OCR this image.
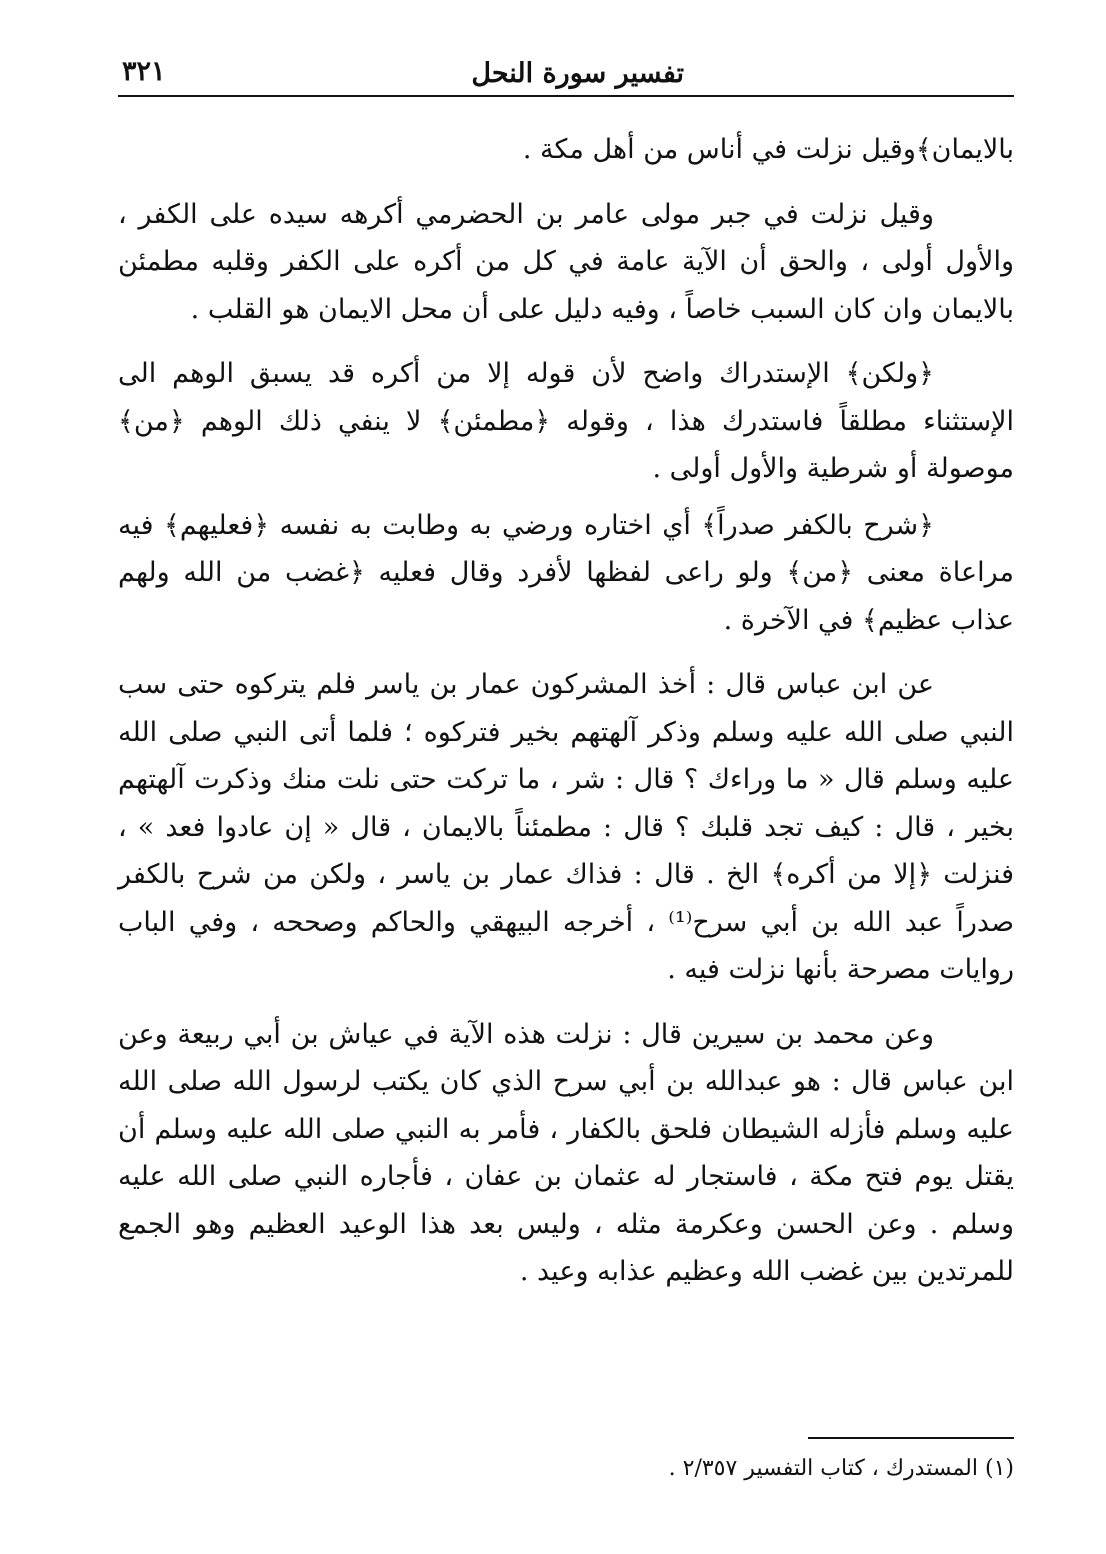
تفسير سورة النحل
٣٢١

بالايمان﴾وقيل نزلت في أناس من أهل مكة .

وقيل نزلت في جبر مولى عامر بن الحضرمي أكرهه سيده على الكفر ، والأول أولى ، والحق أن الآية عامة في كل من أكره على الكفر وقلبه مطمئن بالايمان وان كان السبب خاصاً ، وفيه دليل على أن محل الايمان هو القلب .

﴿ولكن﴾ الإستدراك واضح لأن قوله إلا من أكره قد يسبق الوهم الى الإستثناء مطلقاً فاستدرك هذا ، وقوله ﴿مطمئن﴾ لا ينفي ذلك الوهم ﴿من﴾ موصولة أو شرطية والأول أولى .

﴿شرح بالكفر صدراً﴾ أي اختاره ورضي به وطابت به نفسه ﴿فعليهم﴾ فيه مراعاة معنى ﴿من﴾ ولو راعى لفظها لأفرد وقال فعليه ﴿غضب من الله ولهم عذاب عظيم﴾ في الآخرة .

عن ابن عباس قال : أخذ المشركون عمار بن ياسر فلم يتركوه حتى سب النبي صلى الله عليه وسلم وذكر آلهتهم بخير فتركوه ؛ فلما أتى النبي صلى الله عليه وسلم قال « ما وراءك ؟ قال : شر ، ما تركت حتى نلت منك وذكرت آلهتهم بخير ، قال : كيف تجد قلبك ؟ قال : مطمئناً بالايمان ، قال « إن عادوا فعد » ، فنزلت ﴿إلا من أكره﴾ الخ . قال : فذاك عمار بن ياسر ، ولكن من شرح بالكفر صدراً عبد الله بن أبي سرح⁽¹⁾ ، أخرجه البيهقي والحاكم وصححه ، وفي الباب روايات مصرحة بأنها نزلت فيه .

وعن محمد بن سيرين قال : نزلت هذه الآية في عياش بن أبي ربيعة وعن ابن عباس قال : هو عبدالله بن أبي سرح الذي كان يكتب لرسول الله صلى الله عليه وسلم فأزله الشيطان فلحق بالكفار ، فأمر به النبي صلى الله عليه وسلم أن يقتل يوم فتح مكة ، فاستجار له عثمان بن عفان ، فأجاره النبي صلى الله عليه وسلم . وعن الحسن وعكرمة مثله ، وليس بعد هذا الوعيد العظيم وهو الجمع للمرتدين بين غضب الله وعظيم عذابه وعيد .

(١) المستدرك ، كتاب التفسير ٢/٣٥٧ .
